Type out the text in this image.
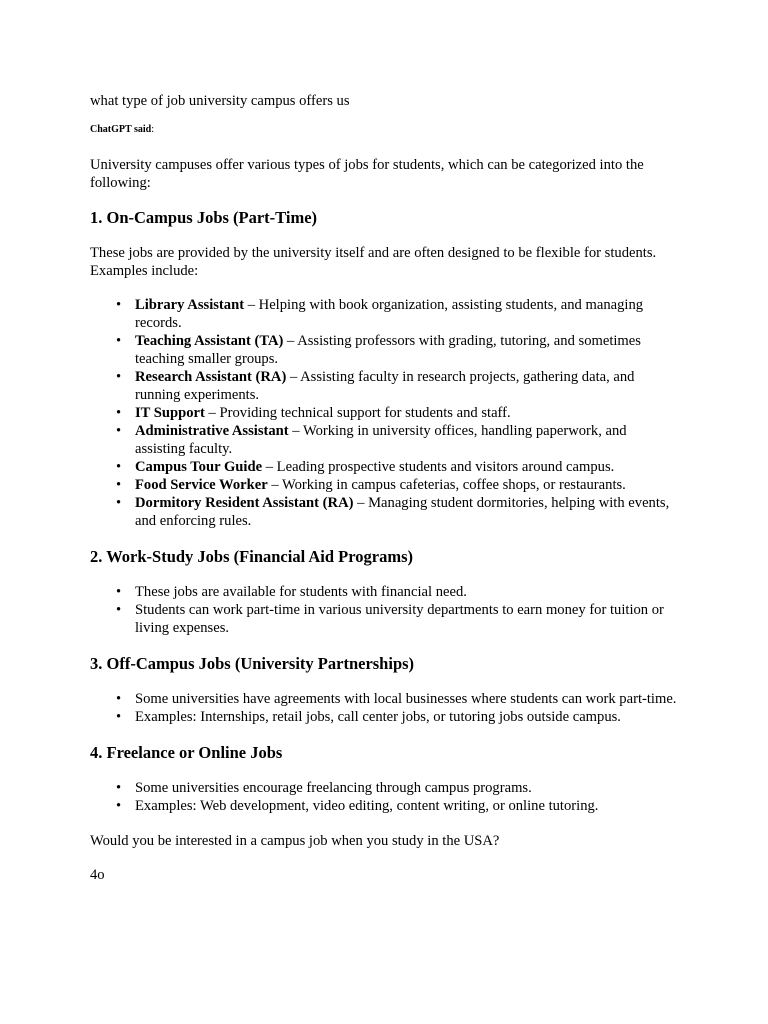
what type of job university campus offers us

ChatGPT said:

University campuses offer various types of jobs for students, which can be categorized into the following:

1. On-Campus Jobs (Part-Time)

These jobs are provided by the university itself and are often designed to be flexible for students. Examples include:

• Library Assistant – Helping with book organization, assisting students, and managing records.
• Teaching Assistant (TA) – Assisting professors with grading, tutoring, and sometimes teaching smaller groups.
• Research Assistant (RA) – Assisting faculty in research projects, gathering data, and running experiments.
• IT Support – Providing technical support for students and staff.
• Administrative Assistant – Working in university offices, handling paperwork, and assisting faculty.
• Campus Tour Guide – Leading prospective students and visitors around campus.
• Food Service Worker – Working in campus cafeterias, coffee shops, or restaurants.
• Dormitory Resident Assistant (RA) – Managing student dormitories, helping with events, and enforcing rules.
2. Work-Study Jobs (Financial Aid Programs)
• These jobs are available for students with financial need.
• Students can work part-time in various university departments to earn money for tuition or living expenses.
3. Off-Campus Jobs (University Partnerships)
• Some universities have agreements with local businesses where students can work part-time.
• Examples: Internships, retail jobs, call center jobs, or tutoring jobs outside campus.
4. Freelance or Online Jobs
• Some universities encourage freelancing through campus programs.
• Examples: Web development, video editing, content writing, or online tutoring.

Would you be interested in a campus job when you study in the USA?

4o
